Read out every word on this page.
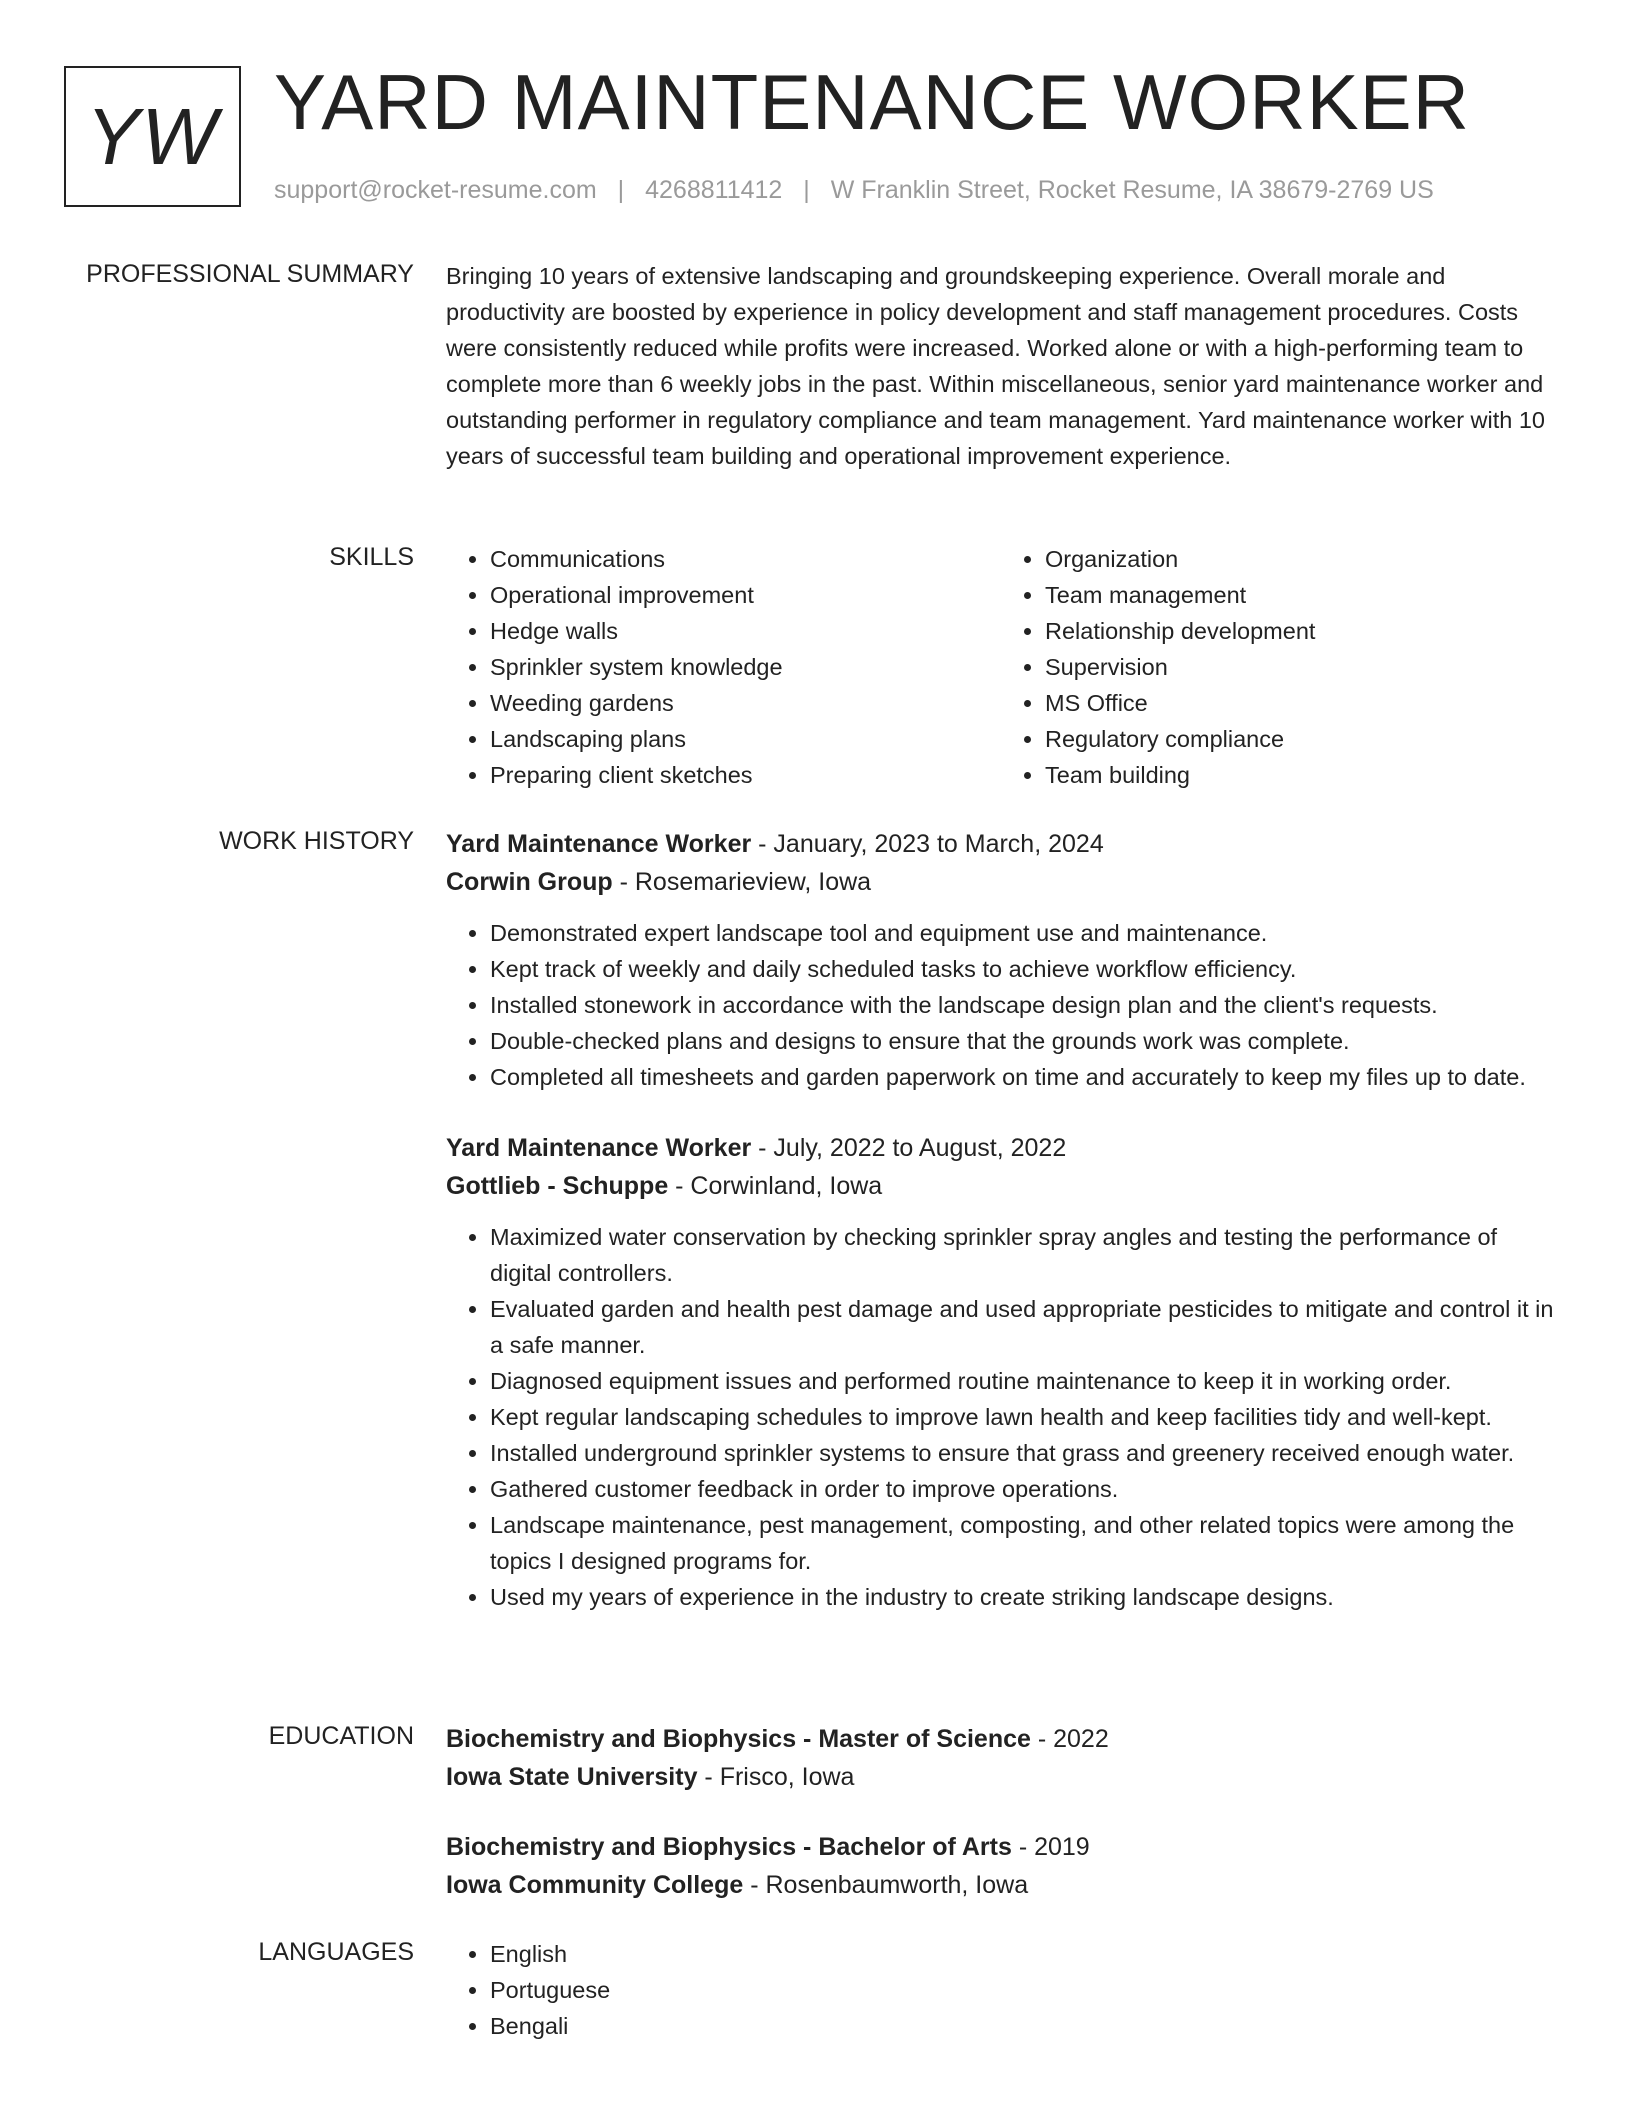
YW YARD MAINTENANCE WORKER
support@rocket-resume.com | 4268811412 | W Franklin Street, Rocket Resume, IA 38679-2769 US
PROFESSIONAL SUMMARY Bringing 10 years of extensive landscaping and groundskeeping experience. Overall morale and productivity are boosted by experience in policy development and staff management procedures. Costs were consistently reduced while profits were increased. Worked alone or with a high-performing team to complete more than 6 weekly jobs in the past. Within miscellaneous, senior yard maintenance worker and outstanding performer in regulatory compliance and team management. Yard maintenance worker with 10 years of successful team building and operational improvement experience.

SKILLS	• Communications
• Operational improvement
• Hedge walls
• Sprinkler system knowledge
• Weeding gardens
• Landscaping plans
• Preparing client sketches
• Organization
• Team management
• Relationship development
• Supervision
• MS Office
• Regulatory compliance
• Team building
WORK HISTORY Yard Maintenance Worker - January, 2023 to March, 2024
Corwin Group - Rosemarieview, Iowa
• Demonstrated expert landscape tool and equipment use and maintenance.
• Kept track of weekly and daily scheduled tasks to achieve workflow efficiency.
• Installed stonework in accordance with the landscape design plan and the client's requests.
• Double-checked plans and designs to ensure that the grounds work was complete.
• Completed all timesheets and garden paperwork on time and accurately to keep my files up to date.
Yard Maintenance Worker - July, 2022 to August, 2022
Gottlieb - Schuppe - Corwinland, Iowa
• Maximized water conservation by checking sprinkler spray angles and testing the performance of digital controllers.
• Evaluated garden and health pest damage and used appropriate pesticides to mitigate and control it in a safe manner.
• Diagnosed equipment issues and performed routine maintenance to keep it in working order.
• Kept regular landscaping schedules to improve lawn health and keep facilities tidy and well-kept.
• Installed underground sprinkler systems to ensure that grass and greenery received enough water.
• Gathered customer feedback in order to improve operations.
• Landscape maintenance, pest management, composting, and other related topics were among the topics I designed programs for.
• Used my years of experience in the industry to create striking landscape designs.
EDUCATION Biochemistry and Biophysics - Master of Science - 2022
Iowa State University - Frisco, Iowa
Biochemistry and Biophysics - Bachelor of Arts - 2019
Iowa Community College - Rosenbaumworth, Iowa
LANGUAGES	• English
• Portuguese
• Bengali
